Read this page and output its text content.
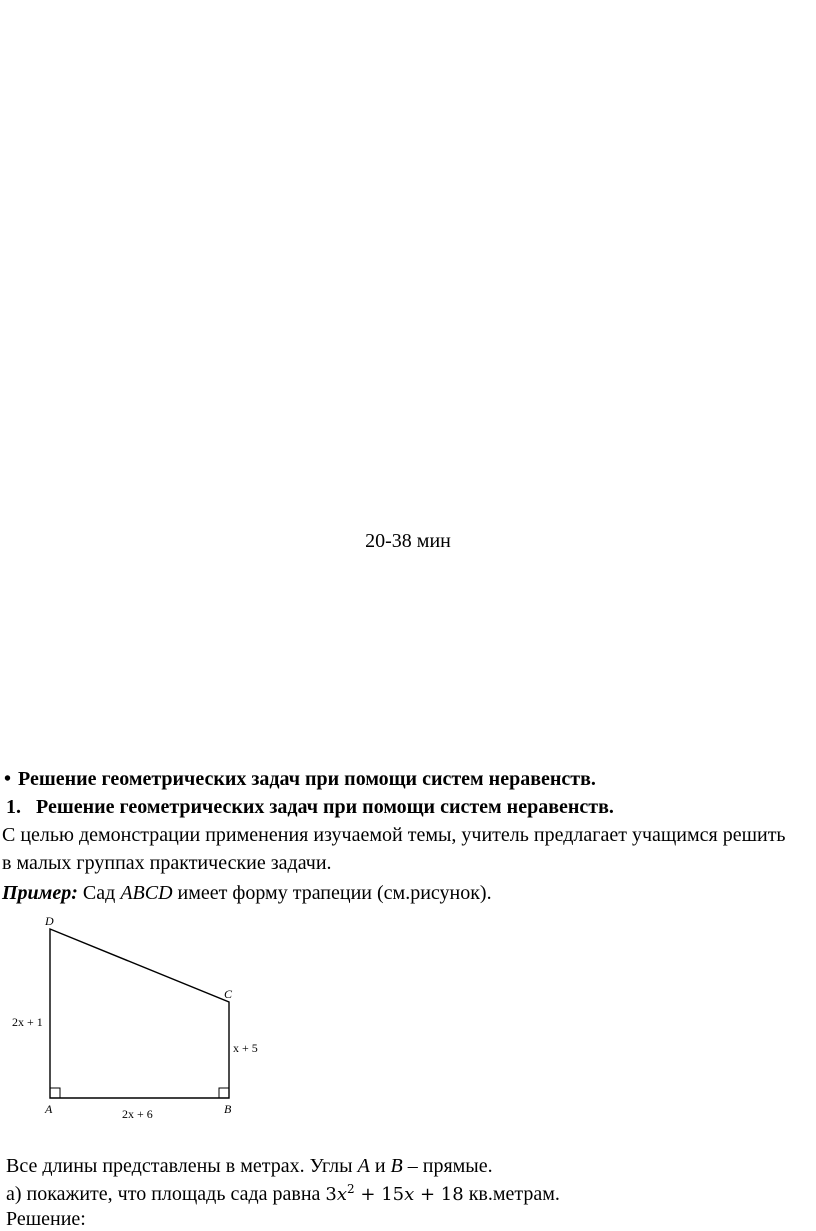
20-38 мин
• Решение геометрических задач при помощи систем неравенств.
1. Решение геометрических задач при помощи систем неравенств.
С целью демонстрации применения изучаемой темы, учитель предлагает учащимся решить
в малых группах практические задачи.
Пример: Сад ABCD имеет форму трапеции (см.рисунок).
D
C
A	B
2x + 1
x + 5
2x + 6
Все длины представлены в метрах. Углы A и B – прямые.
а) покажите, что площадь сада равна $3x^2 + 15x + 18$ кв.метрам.
Решение:
